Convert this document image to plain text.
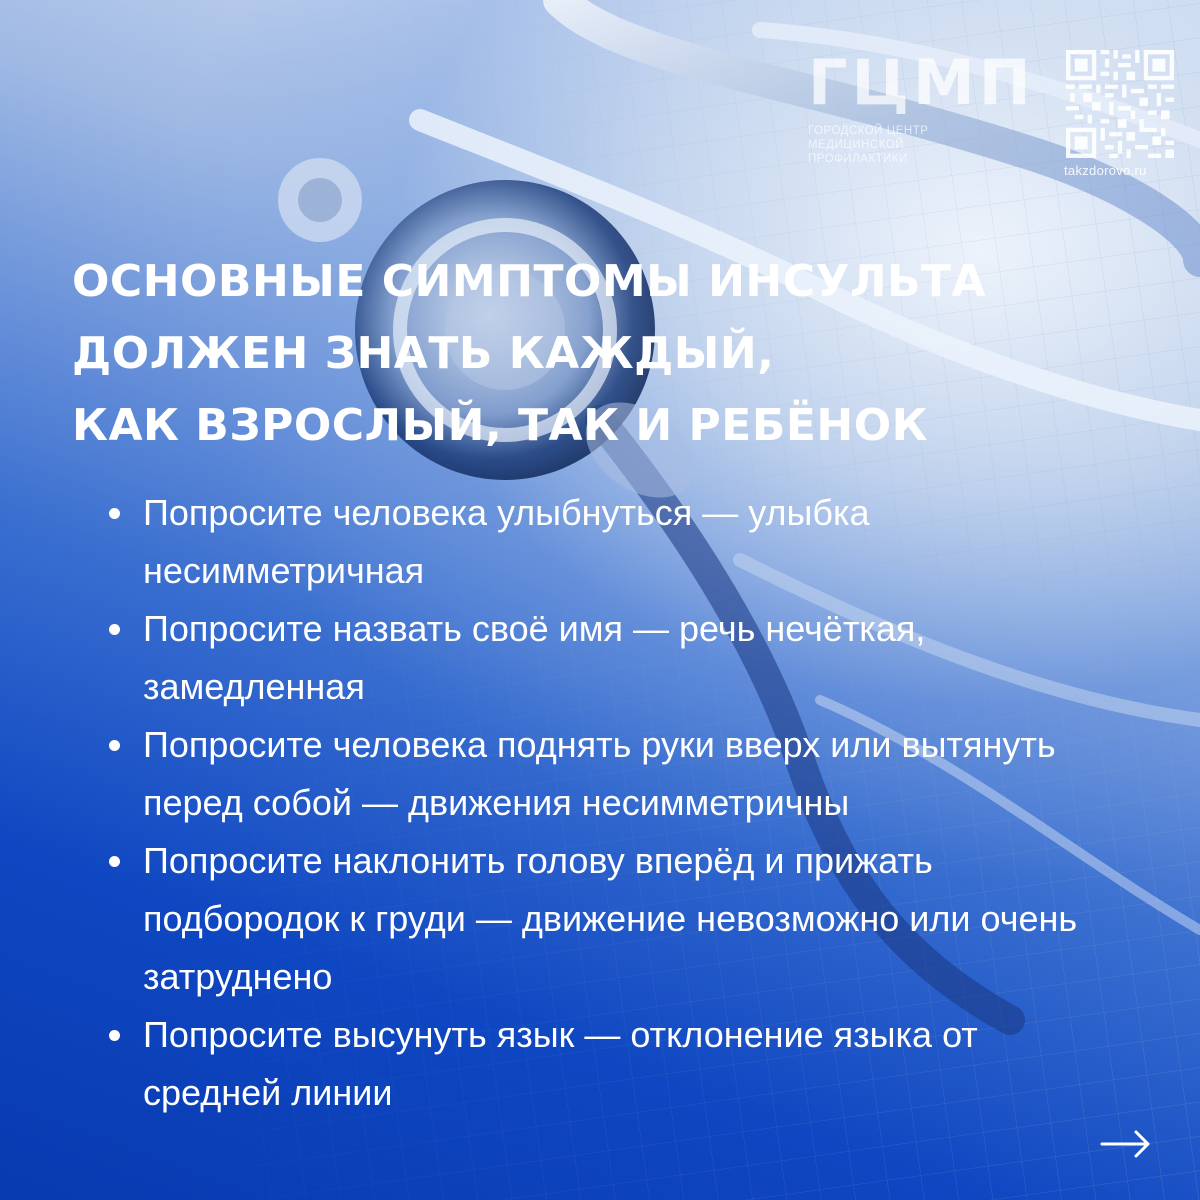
ГЦМП
ГОРОДСКОЙ ЦЕНТР МЕДИЦИНСКОЙ ПРОФИЛАКТИКИ
takzdorovo.ru
ОСНОВНЫЕ СИМПТОМЫ ИНСУЛЬТА
ДОЛЖЕН ЗНАТЬ КАЖДЫЙ,
КАК ВЗРОСЛЫЙ, ТАК И РЕБЁНОК
Попросите человека улыбнуться — улыбка несимметричная
Попросите назвать своё имя — речь нечёткая, замедленная
Попросите человека поднять руки вверх или вытянуть перед собой — движения несимметричны
Попросите наклонить голову вперёд и прижать подбородок к груди — движение невозможно или очень затруднено
Попросите высунуть язык — отклонение языка от средней линии
